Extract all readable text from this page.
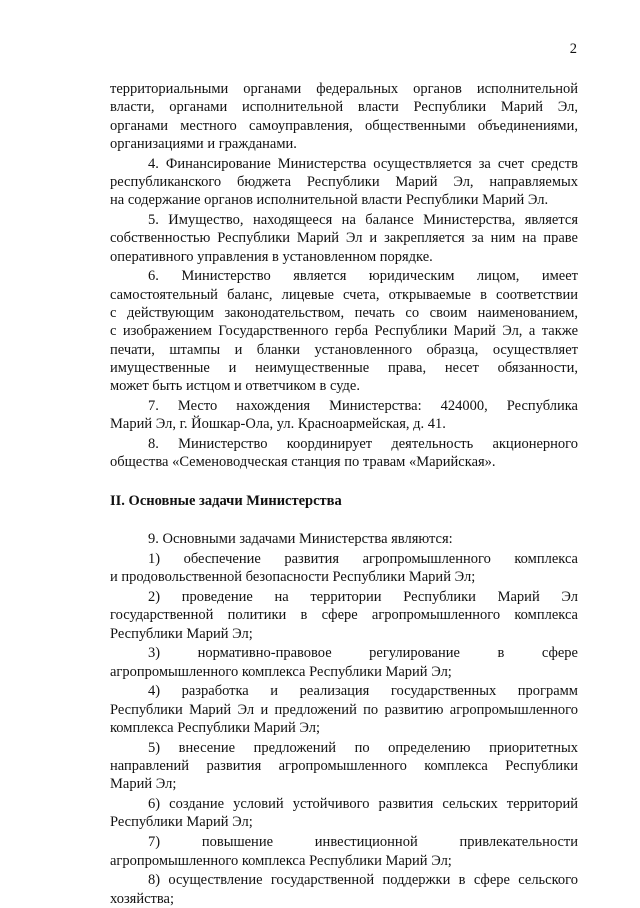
2
территориальными органами федеральных органов исполнительной
власти, органами исполнительной власти Республики Марий Эл,
органами местного самоуправления, общественными объединениями,
организациями и гражданами.
4. Финансирование Министерства осуществляется за счет средств
республиканского бюджета Республики Марий Эл, направляемых
на содержание органов исполнительной власти Республики Марий Эл.
5. Имущество, находящееся на балансе Министерства, является
собственностью Республики Марий Эл и закрепляется за ним на праве
оперативного управления в установленном порядке.
6. Министерство является юридическим лицом, имеет
самостоятельный баланс, лицевые счета, открываемые в соответствии
с действующим законодательством, печать со своим наименованием,
с изображением Государственного герба Республики Марий Эл, а также
печати, штампы и бланки установленного образца, осуществляет
имущественные и неимущественные права, несет обязанности,
может быть истцом и ответчиком в суде.
7. Место нахождения Министерства: 424000, Республика
Марий Эл, г. Йошкар-Ола, ул. Красноармейская, д. 41.
8. Министерство координирует деятельность акционерного
общества «Семеноводческая станция по травам «Марийская».
II. Основные задачи Министерства
9. Основными задачами Министерства являются:
1) обеспечение развития агропромышленного комплекса
и продовольственной безопасности Республики Марий Эл;
2) проведение на территории Республики Марий Эл
государственной политики в сфере агропромышленного комплекса
Республики Марий Эл;
3) нормативно-правовое регулирование в сфере
агропромышленного комплекса Республики Марий Эл;
4) разработка и реализация государственных программ
Республики Марий Эл и предложений по развитию агропромышленного
комплекса Республики Марий Эл;
5) внесение предложений по определению приоритетных
направлений развития агропромышленного комплекса Республики
Марий Эл;
6) создание условий устойчивого развития сельских территорий
Республики Марий Эл;
7) повышение инвестиционной привлекательности
агропромышленного комплекса Республики Марий Эл;
8) осуществление государственной поддержки в сфере сельского
хозяйства;
